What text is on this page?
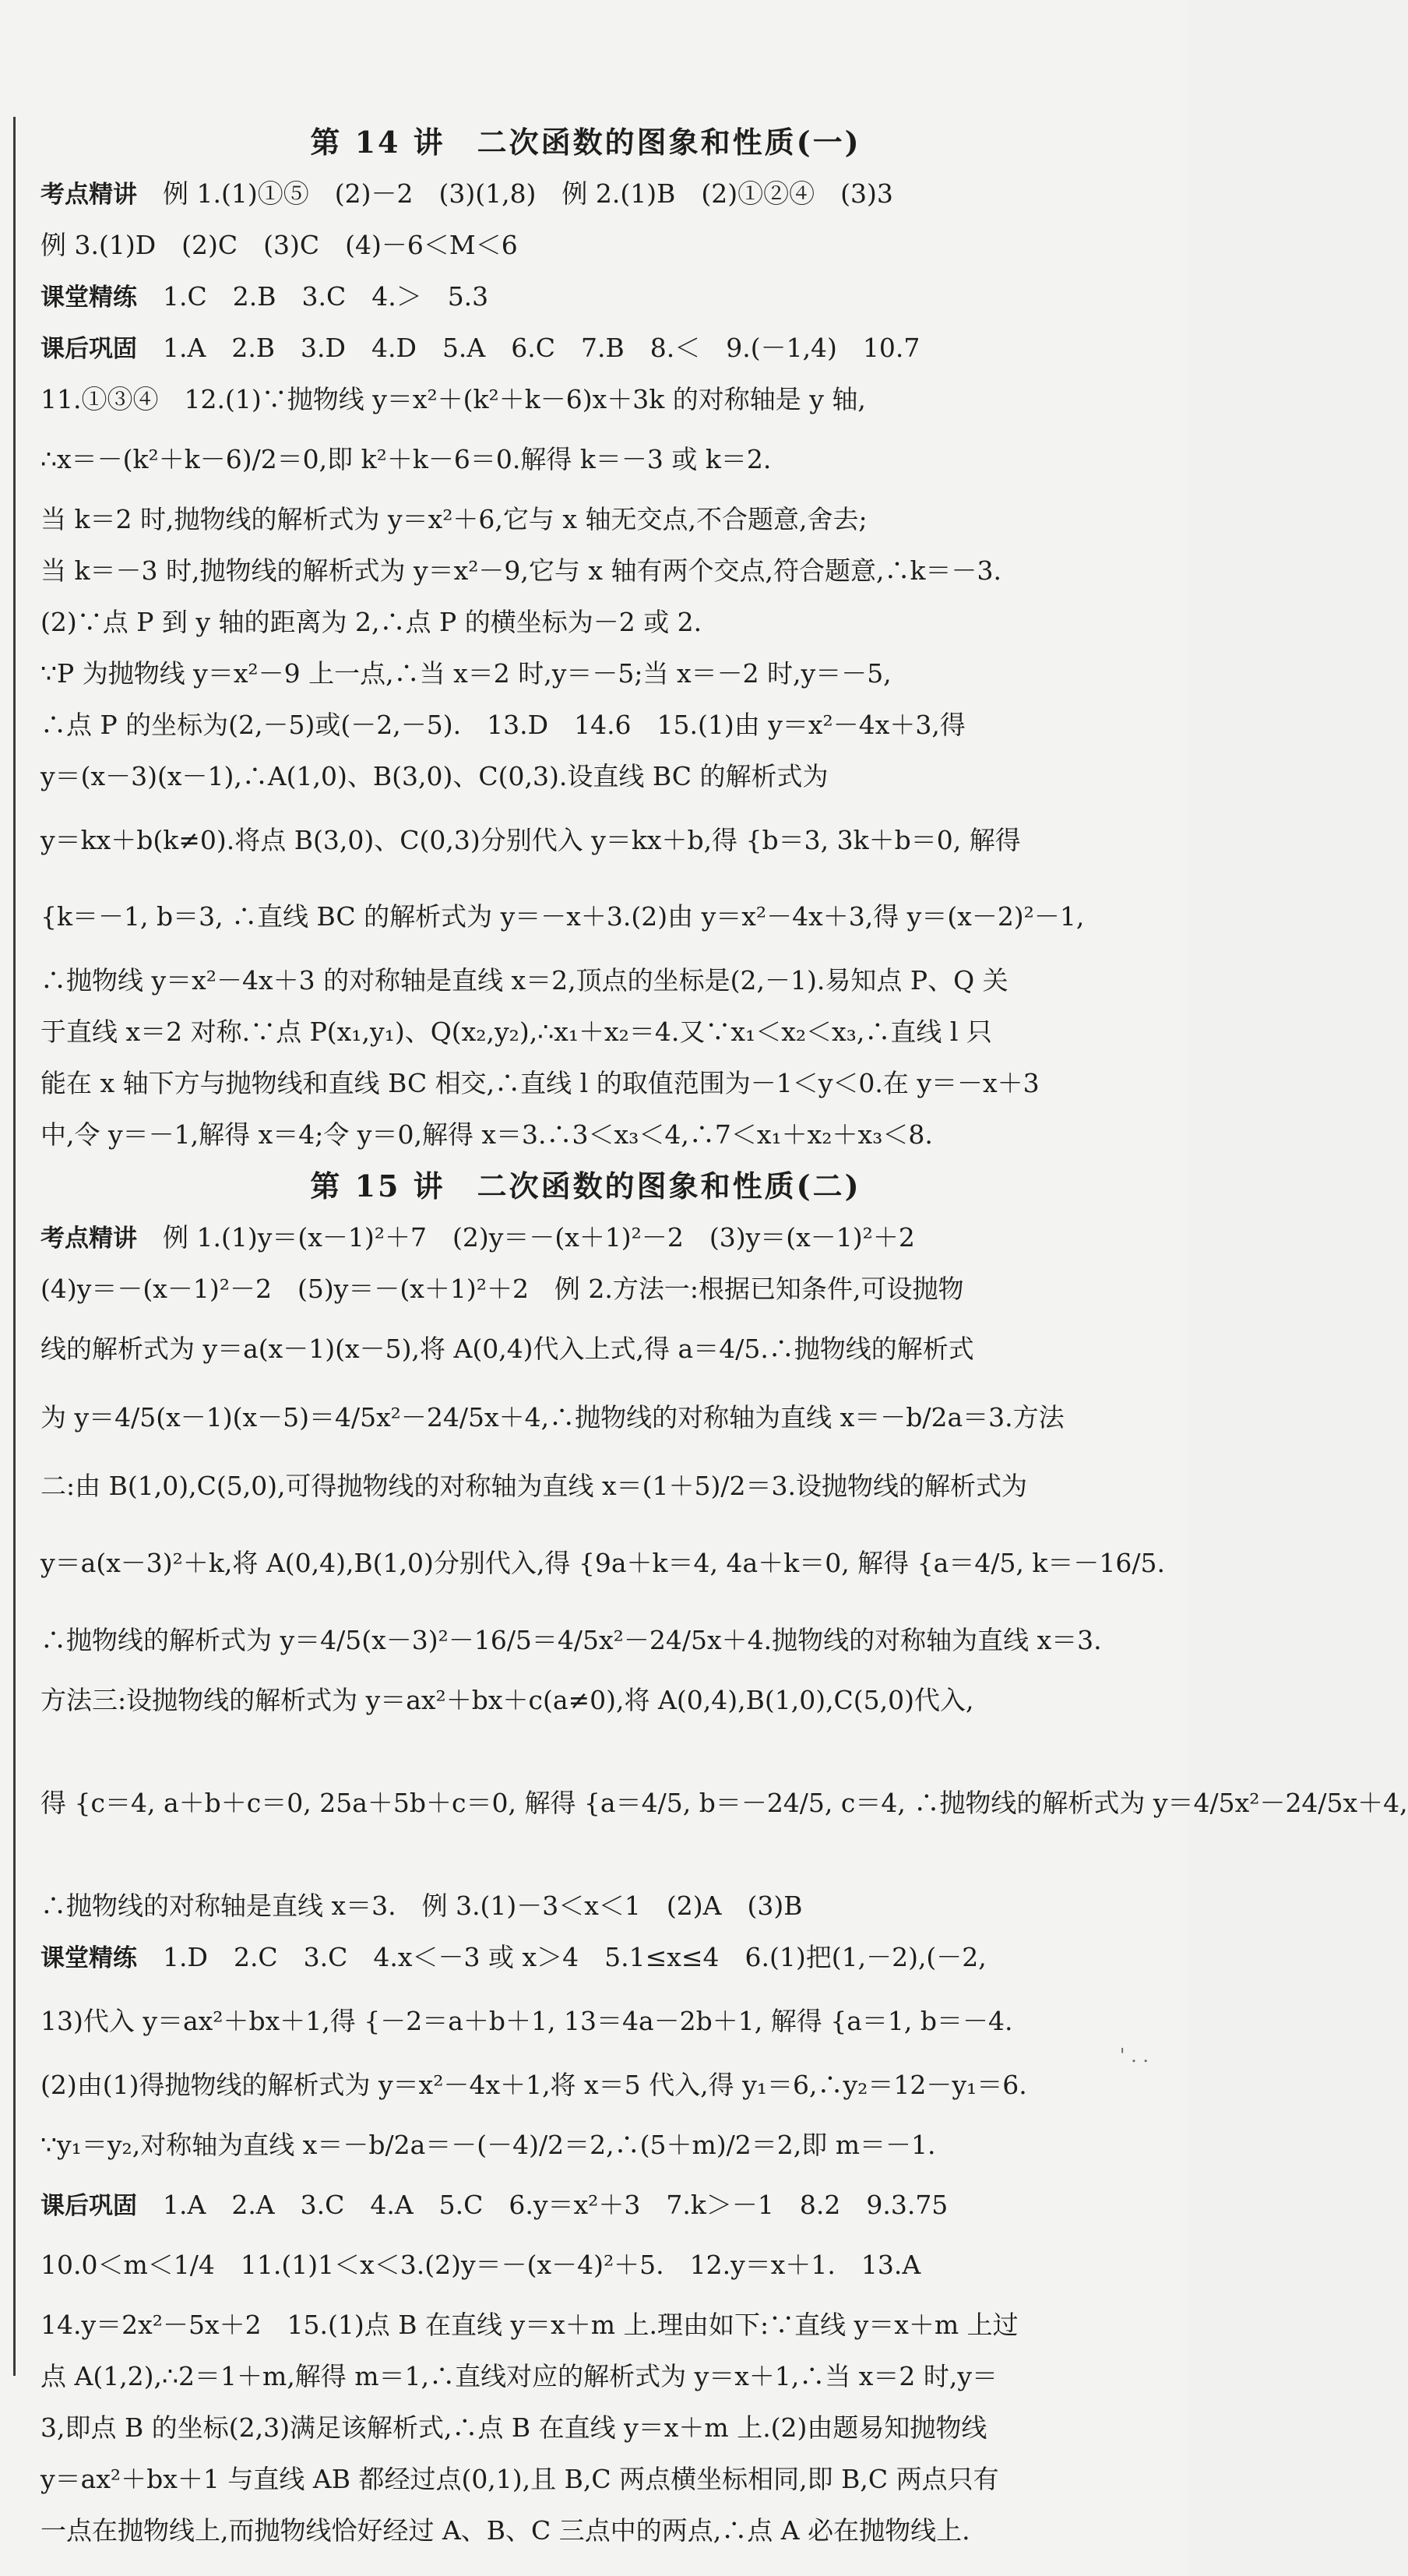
第 14 讲　二次函数的图象和性质(一)
考点精讲　例 1.(1)①⑤　(2)－2　(3)(1,8)　例 2.(1)B　(2)①②④　(3)3
例 3.(1)D　(2)C　(3)C　(4)－6＜M＜6
课堂精练　1.C　2.B　3.C　4.＞　5.3
课后巩固　1.A　2.B　3.D　4.D　5.A　6.C　7.B　8.＜　9.(－1,4)　10.7
11.①③④　12.(1)∵抛物线 y＝x²＋(k²＋k－6)x＋3k 的对称轴是 y 轴,
∴x＝－(k²＋k－6)/2＝0,即 k²＋k－6＝0.解得 k＝－3 或 k＝2.
当 k＝2 时,抛物线的解析式为 y＝x²＋6,它与 x 轴无交点,不合题意,舍去;
当 k＝－3 时,抛物线的解析式为 y＝x²－9,它与 x 轴有两个交点,符合题意,∴k＝－3.
(2)∵点 P 到 y 轴的距离为 2,∴点 P 的横坐标为－2 或 2.
∵P 为抛物线 y＝x²－9 上一点,∴当 x＝2 时,y＝－5;当 x＝－2 时,y＝－5,
∴点 P 的坐标为(2,－5)或(－2,－5).　13.D　14.6　15.(1)由 y＝x²－4x＋3,得
y＝(x－3)(x－1),∴A(1,0)、B(3,0)、C(0,3).设直线 BC 的解析式为
y＝kx＋b(k≠0).将点 B(3,0)、C(0,3)分别代入 y＝kx＋b,得 {b＝3, 3k＋b＝0, 解得
{k＝－1, b＝3, ∴直线 BC 的解析式为 y＝－x＋3.(2)由 y＝x²－4x＋3,得 y＝(x－2)²－1,
∴抛物线 y＝x²－4x＋3 的对称轴是直线 x＝2,顶点的坐标是(2,－1).易知点 P、Q 关
于直线 x＝2 对称.∵点 P(x₁,y₁)、Q(x₂,y₂),∴x₁＋x₂＝4.又∵x₁＜x₂＜x₃,∴直线 l 只
能在 x 轴下方与抛物线和直线 BC 相交,∴直线 l 的取值范围为－1＜y＜0.在 y＝－x＋3
中,令 y＝－1,解得 x＝4;令 y＝0,解得 x＝3.∴3＜x₃＜4,∴7＜x₁＋x₂＋x₃＜8.
第 15 讲　二次函数的图象和性质(二)
考点精讲　例 1.(1)y＝(x－1)²＋7　(2)y＝－(x＋1)²－2　(3)y＝(x－1)²＋2
(4)y＝－(x－1)²－2　(5)y＝－(x＋1)²＋2　例 2.方法一:根据已知条件,可设抛物
线的解析式为 y＝a(x－1)(x－5),将 A(0,4)代入上式,得 a＝4/5.∴抛物线的解析式
为 y＝4/5(x－1)(x－5)＝4/5x²－24/5x＋4,∴抛物线的对称轴为直线 x＝－b/2a＝3.方法
二:由 B(1,0),C(5,0),可得抛物线的对称轴为直线 x＝(1＋5)/2＝3.设抛物线的解析式为
y＝a(x－3)²＋k,将 A(0,4),B(1,0)分别代入,得 {9a＋k＝4, 4a＋k＝0, 解得 {a＝4/5, k＝－16/5.
∴抛物线的解析式为 y＝4/5(x－3)²－16/5＝4/5x²－24/5x＋4.抛物线的对称轴为直线 x＝3.
方法三:设抛物线的解析式为 y＝ax²＋bx＋c(a≠0),将 A(0,4),B(1,0),C(5,0)代入,
得 {c＝4, a＋b＋c＝0, 25a＋5b＋c＝0, 解得 {a＝4/5, b＝－24/5, c＝4, ∴抛物线的解析式为 y＝4/5x²－24/5x＋4,
∴抛物线的对称轴是直线 x＝3.　例 3.(1)－3＜x＜1　(2)A　(3)B
课堂精练　1.D　2.C　3.C　4.x＜－3 或 x＞4　5.1≤x≤4　6.(1)把(1,－2),(－2,
13)代入 y＝ax²＋bx＋1,得 {－2＝a＋b＋1, 13＝4a－2b＋1, 解得 {a＝1, b＝－4.
(2)由(1)得抛物线的解析式为 y＝x²－4x＋1,将 x＝5 代入,得 y₁＝6,∴y₂＝12－y₁＝6.
∵y₁＝y₂,对称轴为直线 x＝－b/2a＝－(－4)/2＝2,∴(5＋m)/2＝2,即 m＝－1.
课后巩固　1.A　2.A　3.C　4.A　5.C　6.y＝x²＋3　7.k＞－1　8.2　9.3.75
10.0＜m＜1/4　11.(1)1＜x＜3.(2)y＝－(x－4)²＋5.　12.y＝x＋1.　13.A
14.y＝2x²－5x＋2　15.(1)点 B 在直线 y＝x＋m 上.理由如下:∵直线 y＝x＋m 上过
点 A(1,2),∴2＝1＋m,解得 m＝1,∴直线对应的解析式为 y＝x＋1,∴当 x＝2 时,y＝
3,即点 B 的坐标(2,3)满足该解析式,∴点 B 在直线 y＝x＋m 上.(2)由题易知抛物线
y＝ax²＋bx＋1 与直线 AB 都经过点(0,1),且 B,C 两点横坐标相同,即 B,C 两点只有
一点在抛物线上,而抛物线恰好经过 A、B、C 三点中的两点,∴点 A 必在抛物线上.
' . .
